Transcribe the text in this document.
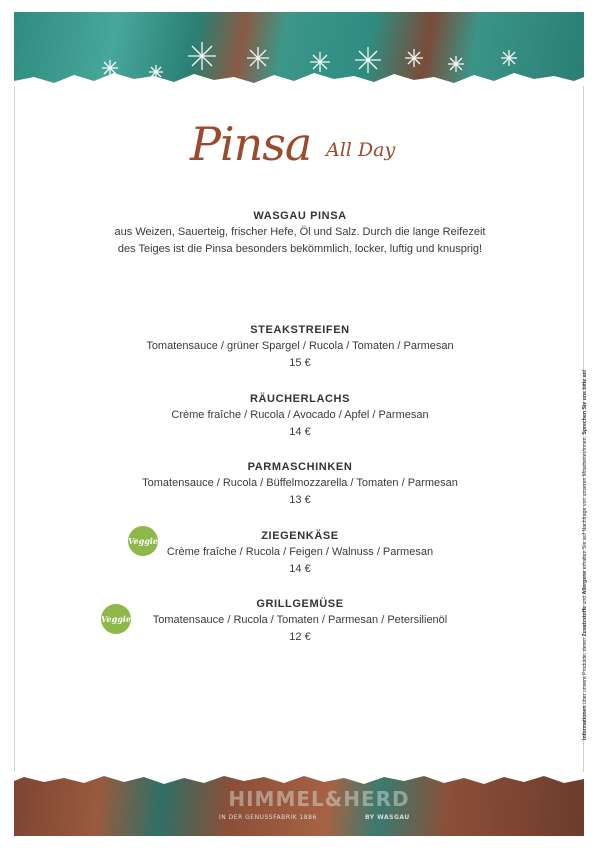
Pinsa All Day
WASGAU PINSA
aus Weizen, Sauerteig, frischer Hefe, Öl und Salz. Durch die lange Reifezeit
des Teiges ist die Pinsa besonders bekömmlich, locker, luftig und knusprig!
STEAKSTREIFEN
Tomatensauce / grüner Spargel / Rucola / Tomaten / Parmesan
15 €
RÄUCHERLACHS
Crème fraîche / Rucola / Avocado / Apfel / Parmesan
14 €
PARMASCHINKEN
Tomatensauce / Rucola / Büffelmozzarella / Tomaten / Parmesan
13 €
Veggie	ZIEGENKÄSE
Crème fraîche / Rucola / Feigen / Walnuss / Parmesan
14 €
Veggie
GRILLGEMÜSE
Tomatensauce / Rucola / Tomaten / Parmesan / Petersilienöl
12 €
Informationen über unsere Produkte, deren Zusatzstoffe und Allergene erhalten Sie auf Nachfrage von unseren Mitarbeiter/innen. Sprechen Sie uns bitte an!
HIMMEL&HERD
IN DER GENUSSFABRIK 1886	BY WASGAU
